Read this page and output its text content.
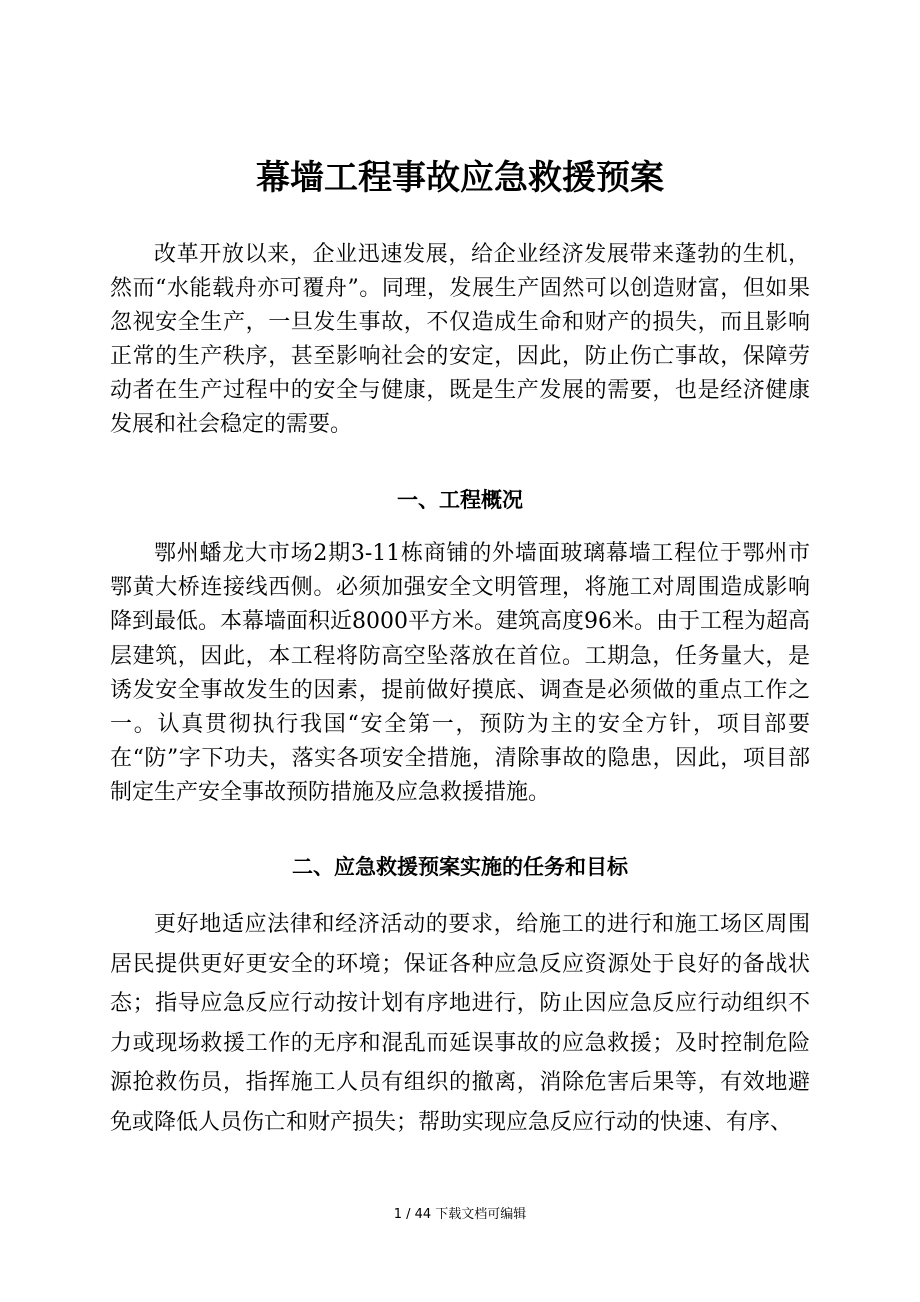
幕墙工程事故应急救援预案

改革开放以来，企业迅速发展，给企业经济发展带来蓬勃的生机，然而“水能载舟亦可覆舟”。同理，发展生产固然可以创造财富，但如果忽视安全生产，一旦发生事故，不仅造成生命和财产的损失，而且影响正常的生产秩序，甚至影响社会的安定，因此，防止伤亡事故，保障劳动者在生产过程中的安全与健康，既是生产发展的需要，也是经济健康发展和社会稳定的需要。

一、工程概况

鄂州蟠龙大市场2期3-11栋商铺的外墙面玻璃幕墙工程位于鄂州市鄂黄大桥连接线西侧。必须加强安全文明管理，将施工对周围造成影响降到最低。本幕墙面积近8000平方米。建筑高度96米。由于工程为超高层建筑，因此，本工程将防高空坠落放在首位。工期急，任务量大，是诱发安全事故发生的因素，提前做好摸底、调查是必须做的重点工作之一。认真贯彻执行我国“安全第一，预防为主的安全方针，项目部要在“防”字下功夫，落实各项安全措施，清除事故的隐患，因此，项目部制定生产安全事故预防措施及应急救援措施。

二、应急救援预案实施的任务和目标

更好地适应法律和经济活动的要求，给施工的进行和施工场区周围居民提供更好更安全的环境；保证各种应急反应资源处于良好的备战状态；指导应急反应行动按计划有序地进行，防止因应急反应行动组织不力或现场救援工作的无序和混乱而延误事故的应急救援；及时控制危险源抢救伤员，指挥施工人员有组织的撤离，消除危害后果等，有效地避免或降低人员伤亡和财产损失；帮助实现应急反应行动的快速、有序、

1 / 44 下载文档可编辑
